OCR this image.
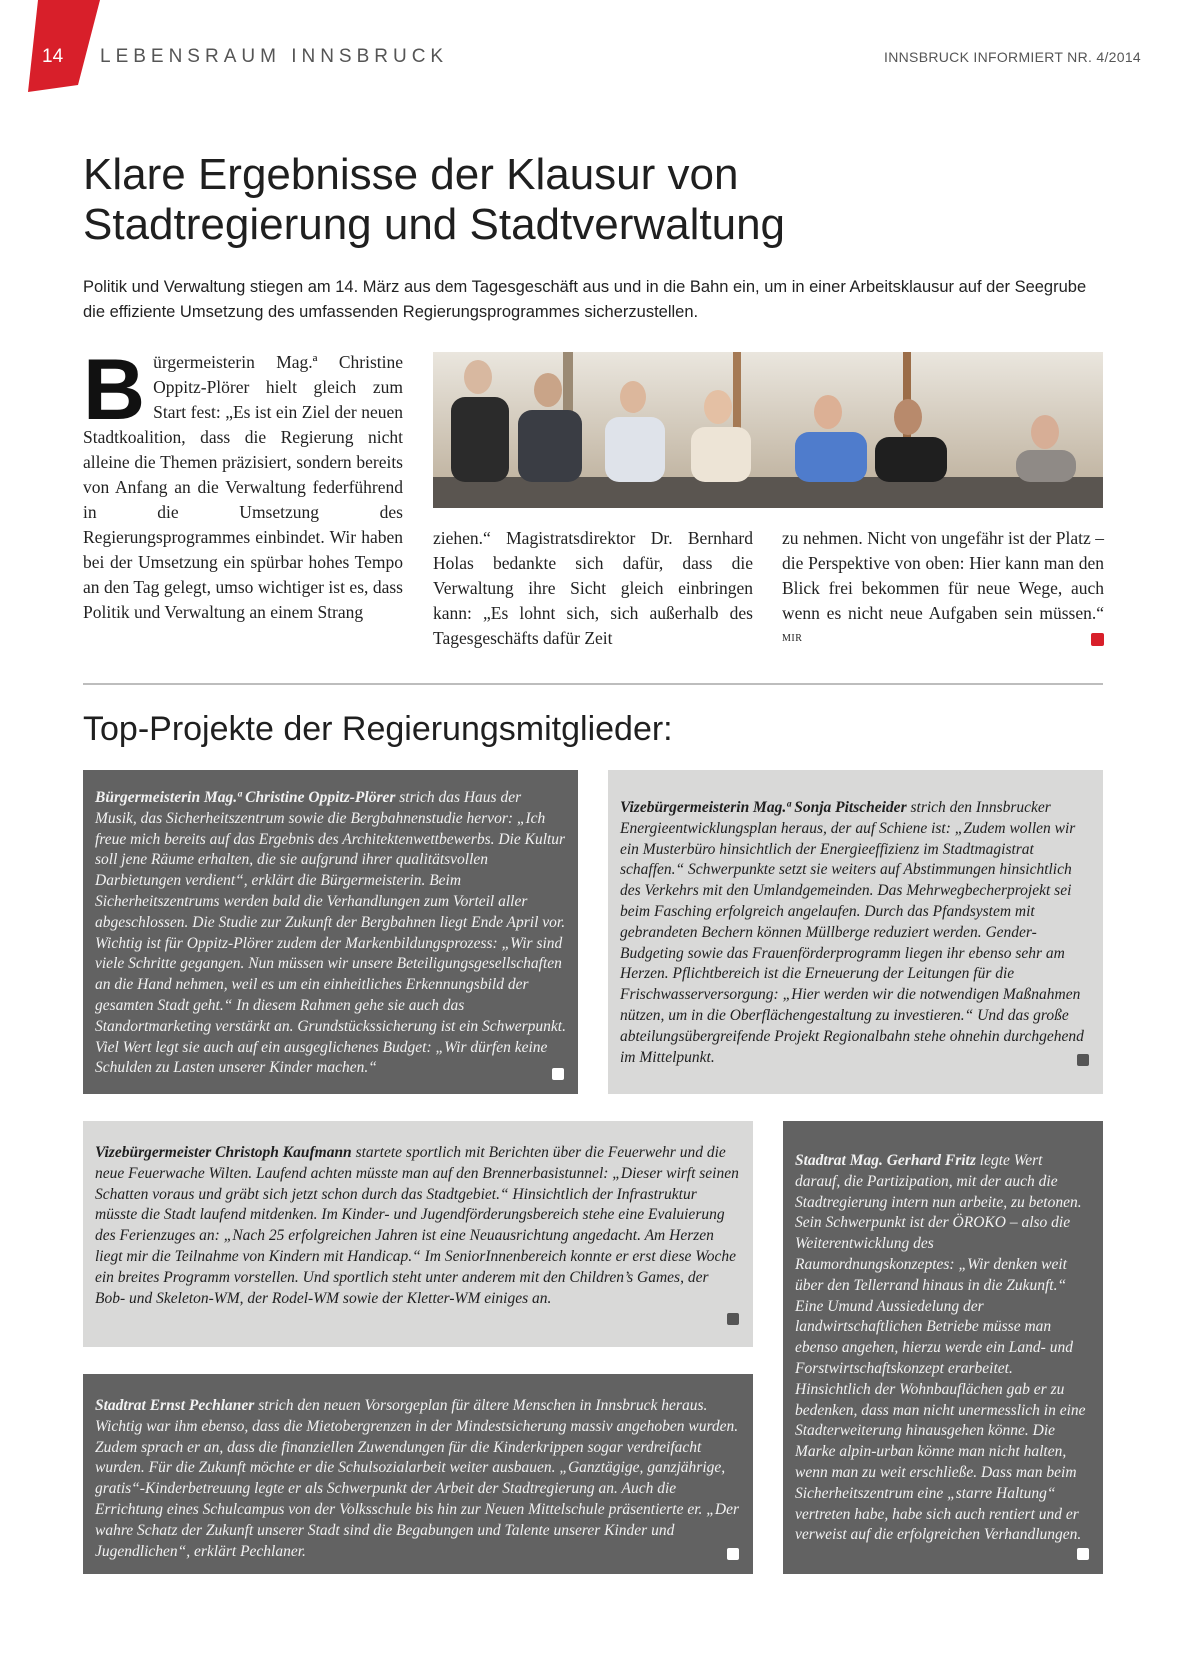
14 LEBENSRAUM INNSBRUCK	INNSBRUCK INFORMIERT NR. 4/2014
Klare Ergebnisse der Klausur von
Stadtregierung und Stadtverwaltung

Politik und Verwaltung stiegen am 14. März aus dem Tagesgeschäft aus und in die Bahn ein, um in einer Arbeitsklausur auf der Seegrube die effiziente Umsetzung des umfassenden Regierungsprogrammes sicherzustellen.

Bürgermeisterin Mag.ª Christine Oppitz-Plörer hielt gleich zum Start fest: „Es ist ein Ziel der neuen Stadtkoalition, dass die Regierung nicht alleine die Themen präzisiert, sondern bereits von Anfang an die Verwaltung federführend in die Umsetzung des Regierungsprogrammes einbindet. Wir haben bei der Umsetzung ein spürbar hohes Tempo an den Tag gelegt, umso wichtiger ist es, dass Politik und Verwaltung an einem Strang

ziehen.“ Magistratsdirektor Dr. Bernhard Holas bedankte sich dafür, dass die Verwaltung ihre Sicht gleich einbringen kann: „Es lohnt sich, sich außerhalb des Tagesgeschäfts dafür Zeit

zu nehmen. Nicht von ungefähr ist der Platz – die Perspektive von oben: Hier kann man den Blick frei bekommen für neue Wege, auch wenn es nicht neue Aufgaben sein müssen.“ $^{MIR}$

Top-Projekte der Regierungsmitglieder:
Bürgermeisterin Mag.ª Christine Oppitz-Plörer strich das Haus der Musik, das Sicherheitszentrum sowie die Bergbahnenstudie hervor: „Ich freue mich bereits auf das Ergebnis des Architektenwettbewerbs. Die Kultur soll jene Räume erhalten, die sie aufgrund ihrer qualitätsvollen Darbietungen verdient“, erklärt die Bürgermeisterin. Beim Sicherheitszentrums werden bald die Verhandlungen zum Vorteil aller abgeschlossen. Die Studie zur Zukunft der Bergbahnen liegt Ende April vor. Wichtig ist für Oppitz-Plörer zudem der Markenbildungsprozess: „Wir sind viele Schritte gegangen. Nun müssen wir unsere Beteiligungsgesellschaften an die Hand nehmen, weil es um ein einheitliches Erkennungsbild der gesamten Stadt geht.“ In diesem Rahmen gehe sie auch das Standortmarketing verstärkt an. Grundstückssicherung ist ein Schwerpunkt. Viel Wert legt sie auch auf ein ausgeglichenes Budget: „Wir dürfen keine Schulden zu Lasten unserer Kinder machen.“
Vizebürgermeisterin Mag.ª Sonja Pitscheider strich den Innsbrucker Energieentwicklungsplan heraus, der auf Schiene ist: „Zudem wollen wir ein Musterbüro hinsichtlich der Energieeffizienz im Stadtmagistrat schaffen.“ Schwerpunkte setzt sie weiters auf Abstimmungen hinsichtlich des Verkehrs mit den Umlandgemeinden. Das Mehrwegbecherprojekt sei beim Fasching erfolgreich angelaufen. Durch das Pfandsystem mit gebrandeten Bechern können Müllberge reduziert werden. Gender-Budgeting sowie das Frauenförderprogramm liegen ihr ebenso sehr am Herzen. Pflichtbereich ist die Erneuerung der Leitungen für die Frischwasserversorgung: „Hier werden wir die notwendigen Maßnahmen nützen, um in die Oberflächengestaltung zu investieren.“ Und das große abteilungsübergreifende Projekt Regionalbahn stehe ohnehin durchgehend im Mittelpunkt.
Vizebürgermeister Christoph Kaufmann startete sportlich mit Berichten über die Feuerwehr und die neue Feuerwache Wilten. Laufend achten müsste man auf den Brennerbasistunnel: „Dieser wirft seinen Schatten voraus und gräbt sich jetzt schon durch das Stadtgebiet.“ Hinsichtlich der Infrastruktur müsste die Stadt laufend mitdenken. Im Kinder- und Jugendförderungsbereich stehe eine Evaluierung des Ferienzuges an: „Nach 25 erfolgreichen Jahren ist eine Neuausrichtung angedacht. Am Herzen liegt mir die Teilnahme von Kindern mit Handicap.“ Im SeniorInnenbereich konnte er erst diese Woche ein breites Programm vorstellen. Und sportlich steht unter anderem mit den Children’s Games, der Bob- und Skeleton-WM, der Rodel-WM sowie der Kletter-WM einiges an.
Stadtrat Ernst Pechlaner strich den neuen Vorsorgeplan für ältere Menschen in Innsbruck heraus. Wichtig war ihm ebenso, dass die Mietobergrenzen in der Mindestsicherung massiv angehoben wurden. Zudem sprach er an, dass die finanziellen Zuwendungen für die Kinderkrippen sogar verdreifacht wurden. Für die Zukunft möchte er die Schulsozialarbeit weiter ausbauen. „Ganztägige, ganzjährige, gratis“-Kinderbetreuung legte er als Schwerpunkt der Arbeit der Stadtregierung an. Auch die Errichtung eines Schulcampus von der Volksschule bis hin zur Neuen Mittelschule präsentierte er. „Der wahre Schatz der Zukunft unserer Stadt sind die Begabungen und Talente unserer Kinder und Jugendlichen“, erklärt Pechlaner.
Stadtrat Mag. Gerhard Fritz legte Wert darauf, die Partizipation, mit der auch die Stadtregierung intern nun arbeite, zu betonen. Sein Schwerpunkt ist der ÖROKO – also die Weiterentwicklung des Raumordnungskonzeptes: „Wir denken weit über den Tellerrand hinaus in die Zukunft.“ Eine Umund Aussiedelung der landwirtschaftlichen Betriebe müsse man ebenso angehen, hierzu werde ein Land- und Forstwirtschaftskonzept erarbeitet. Hinsichtlich der Wohnbauflächen gab er zu bedenken, dass man nicht unermesslich in eine Stadterweiterung hinausgehen könne. Die Marke alpin-urban könne man nicht halten, wenn man zu weit erschließe. Dass man beim Sicherheitszentrum eine „starre Haltung“ vertreten habe, habe sich auch rentiert und er verweist auf die erfolgreichen Verhandlungen.
